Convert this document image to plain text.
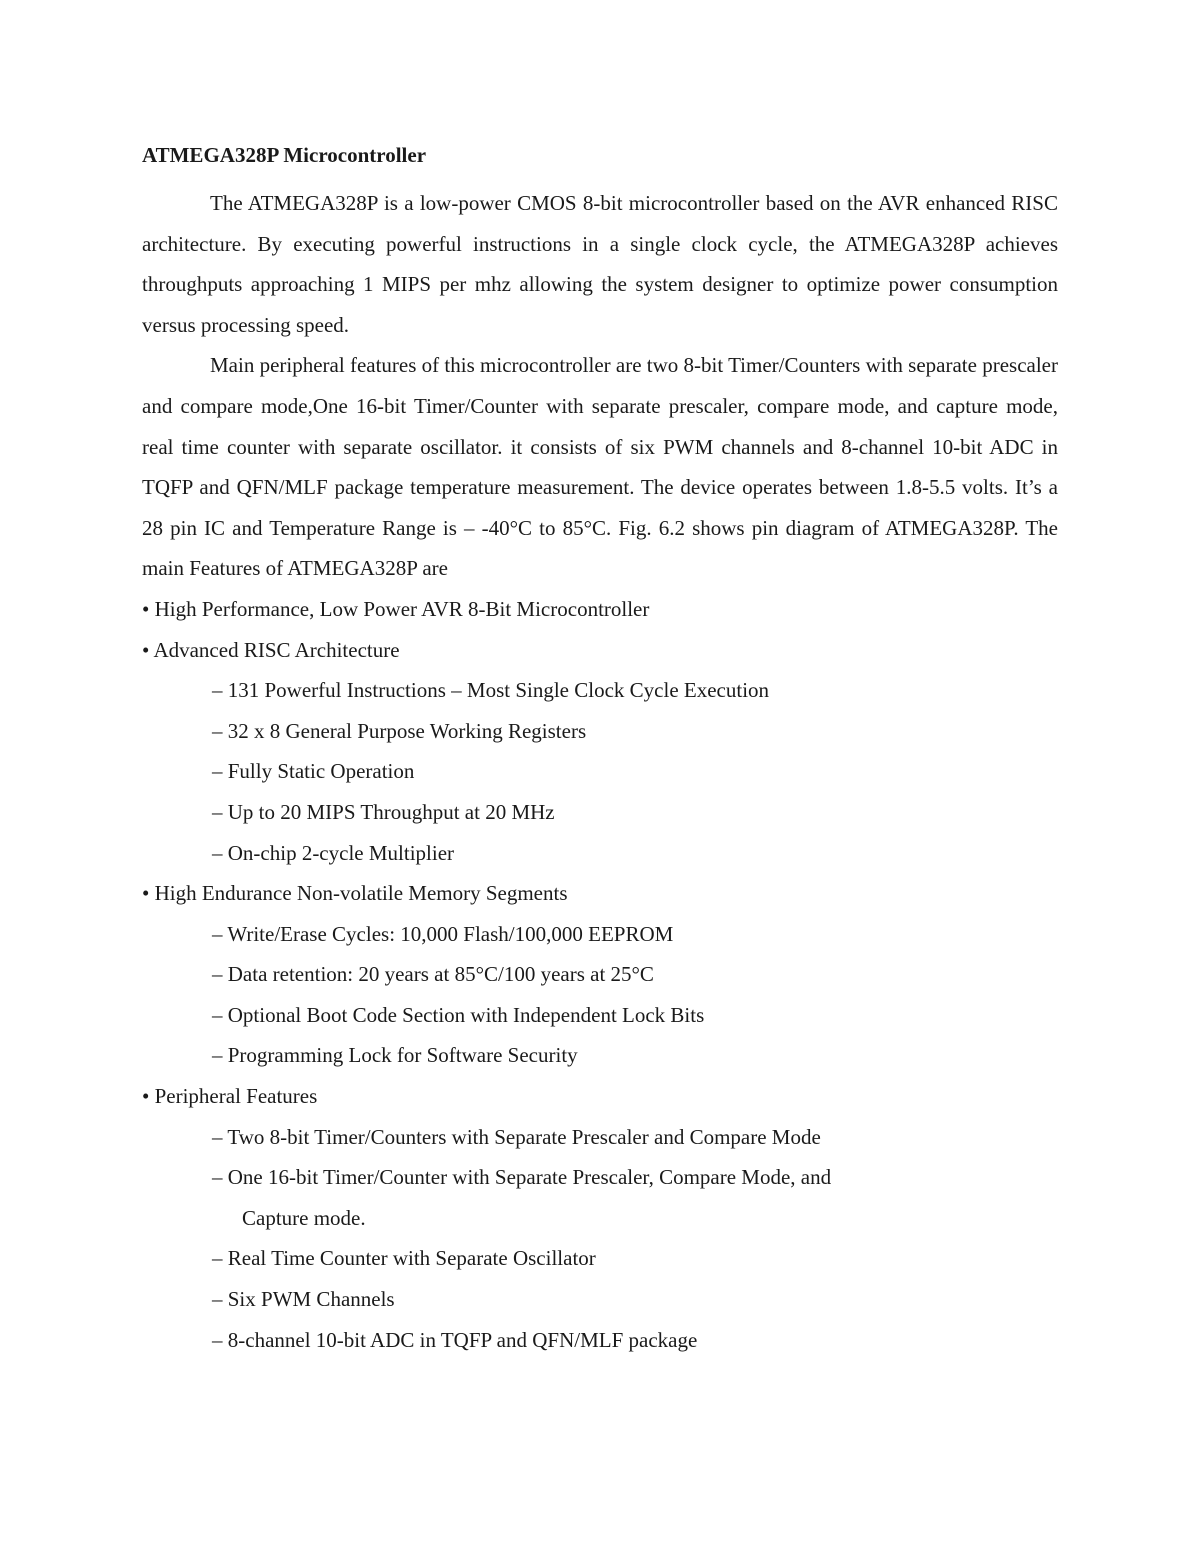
ATMEGA328P Microcontroller

The ATMEGA328P is a low-power CMOS 8-bit microcontroller based on the AVR enhanced RISC architecture. By executing powerful instructions in a single clock cycle, the ATMEGA328P achieves throughputs approaching 1 MIPS per mhz allowing the system designer to optimize power consumption versus processing speed.

Main peripheral features of this microcontroller are two 8-bit Timer/Counters with separate prescaler and compare mode,One 16-bit Timer/Counter with separate prescaler, compare mode, and capture mode, real time counter with separate oscillator. it consists of six PWM channels and 8-channel 10-bit ADC in TQFP and QFN/MLF package temperature measurement. The device operates between 1.8-5.5 volts. It’s a 28 pin IC and Temperature Range is – -40°C to 85°C. Fig. 6.2 shows pin diagram of ATMEGA328P. The main Features of ATMEGA328P are

• High Performance, Low Power AVR 8-Bit Microcontroller
• Advanced RISC Architecture
– 131 Powerful Instructions – Most Single Clock Cycle Execution
– 32 x 8 General Purpose Working Registers
– Fully Static Operation
– Up to 20 MIPS Throughput at 20 MHz
– On-chip 2-cycle Multiplier
• High Endurance Non-volatile Memory Segments
– Write/Erase Cycles: 10,000 Flash/100,000 EEPROM
– Data retention: 20 years at 85°C/100 years at 25°C
– Optional Boot Code Section with Independent Lock Bits
– Programming Lock for Software Security
• Peripheral Features
– Two 8-bit Timer/Counters with Separate Prescaler and Compare Mode
– One 16-bit Timer/Counter with Separate Prescaler, Compare Mode, and
Capture mode.
– Real Time Counter with Separate Oscillator
– Six PWM Channels
– 8-channel 10-bit ADC in TQFP and QFN/MLF package
